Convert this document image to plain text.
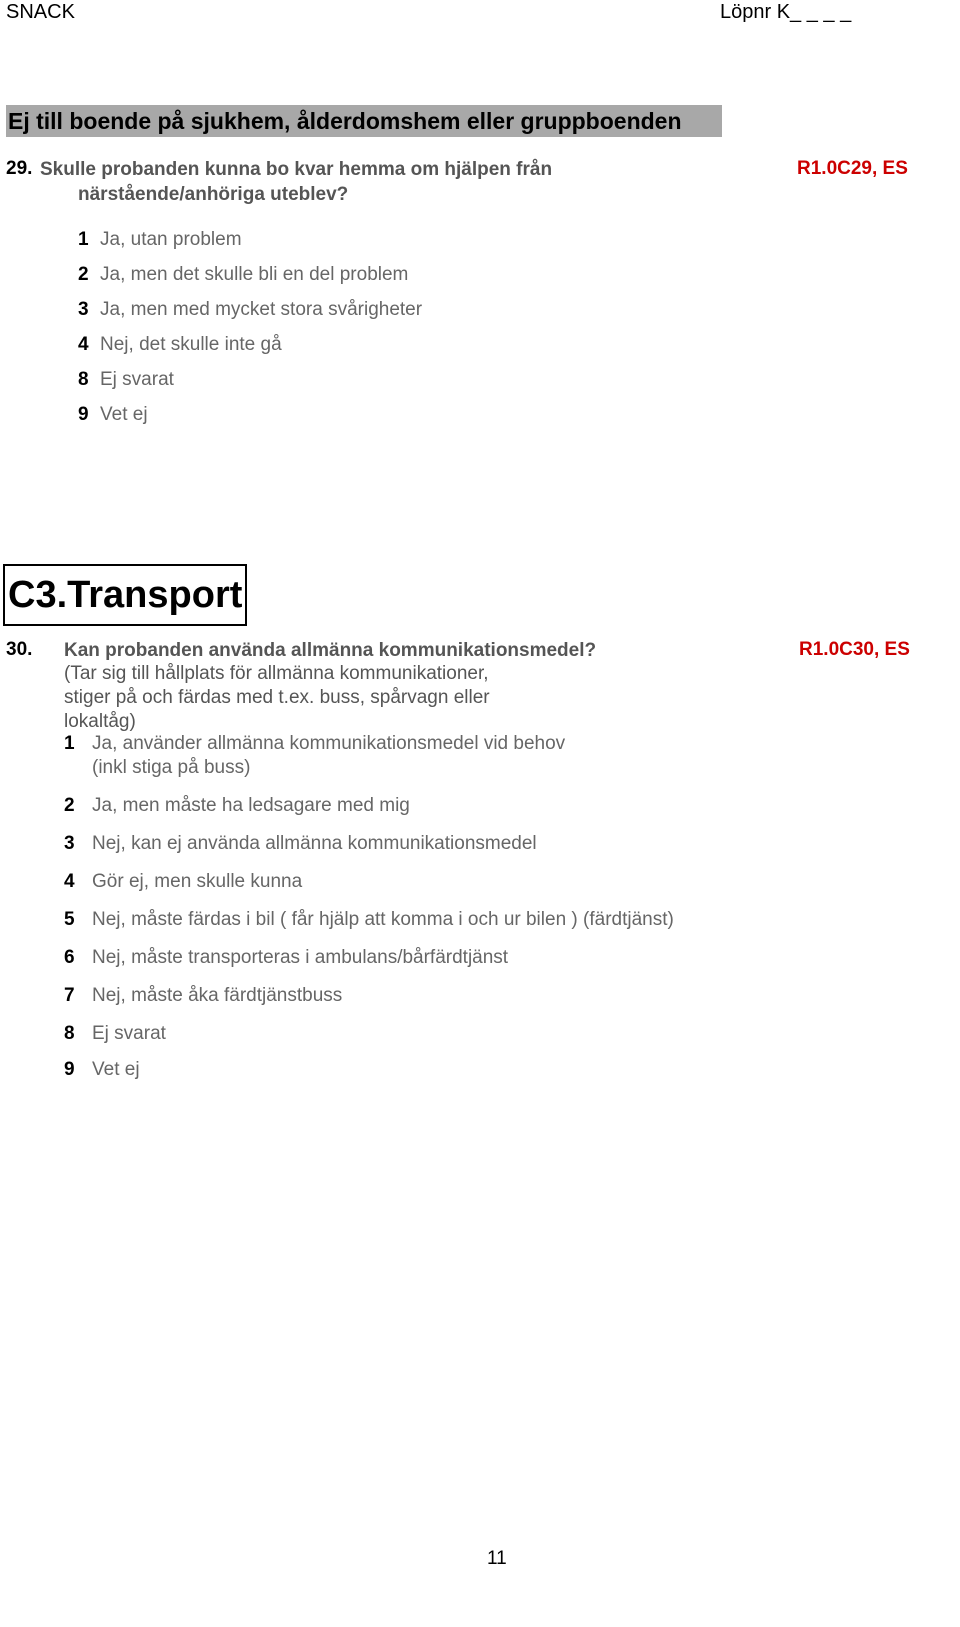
SNACK	Löpnr K_ _ _ _
Ej till boende på sjukhem, ålderdomshem eller gruppboenden
29. Skulle probanden kunna bo kvar hemma om hjälpen från närstående/anhöriga uteblev?
R1.0C29, ES
1 Ja, utan problem
2 Ja, men det skulle bli en del problem
3 Ja, men med mycket stora svårigheter
4 Nej, det skulle inte gå
8 Ej svarat
9 Vet ej
C3.Transport
30. Kan probanden använda allmänna kommunikationsmedel?	R1.0C30, ES
(Tar sig till hållplats för allmänna kommunikationer, stiger på och färdas med t.ex. buss, spårvagn eller lokaltåg)
1 Ja, använder allmänna kommunikationsmedel vid behov
(inkl stiga på buss)
2 Ja, men måste ha ledsagare med mig
3 Nej, kan ej använda allmänna kommunikationsmedel
4 Gör ej, men skulle kunna
5 Nej, måste färdas i bil ( får hjälp att komma i och ur bilen ) (färdtjänst)
6 Nej, måste transporteras i ambulans/bårfärdtjänst
7 Nej, måste åka färdtjänstbuss
8 Ej svarat
9 Vet ej
11
